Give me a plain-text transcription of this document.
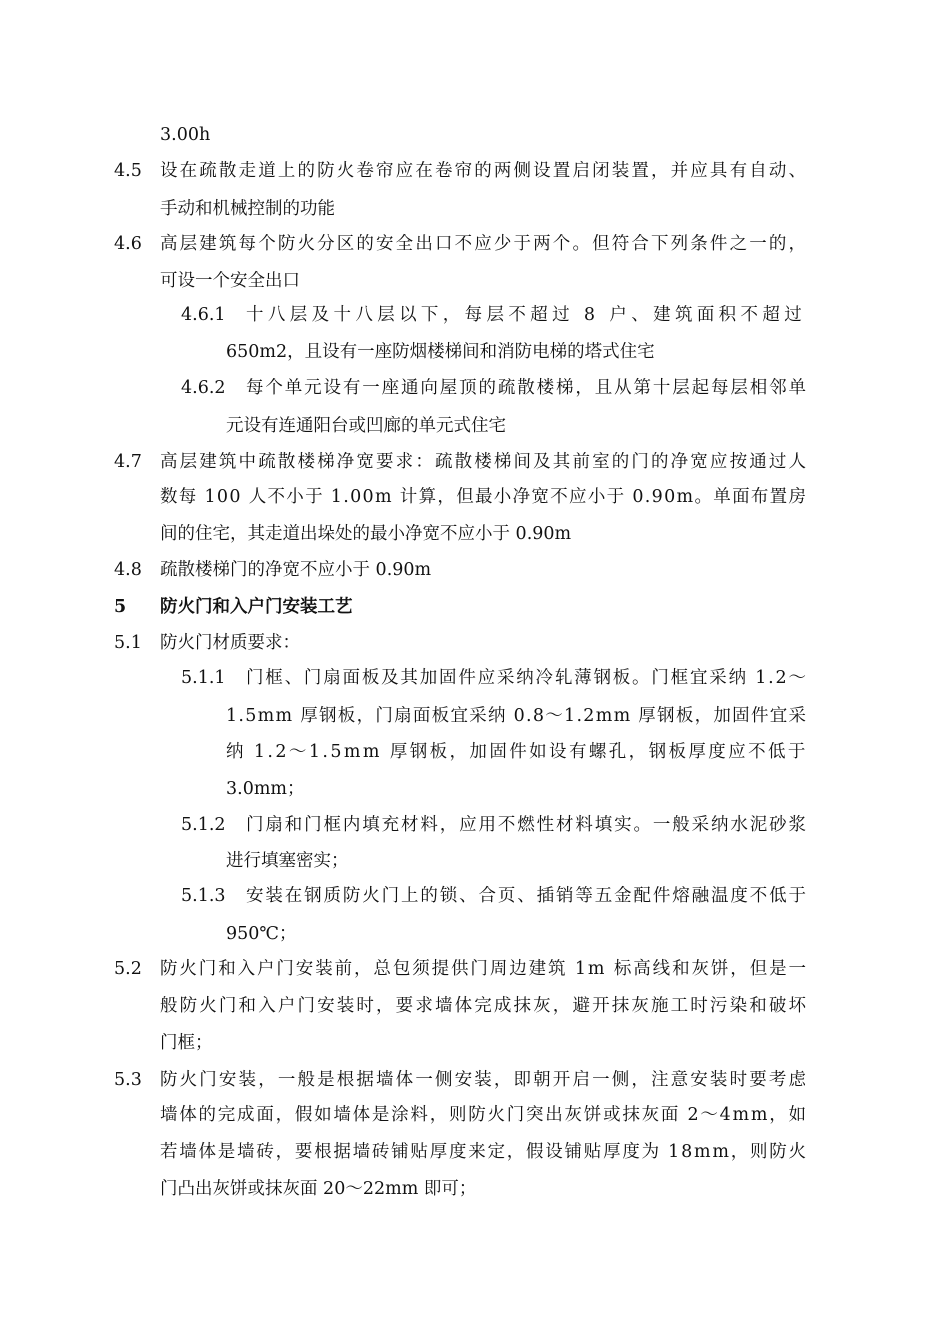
3.00h
4.5 设在疏散走道上的防火卷帘应在卷帘的两侧设置启闭装置，并应具有自动、
手动和机械控制的功能
4.6 高层建筑每个防火分区的安全出口不应少于两个。但符合下列条件之一的，
可设一个安全出口
4.6.1 十八层及十八层以下，每层不超过 8 户、建筑面积不超过
650m2，且设有一座防烟楼梯间和消防电梯的塔式住宅
4.6.2 每个单元设有一座通向屋顶的疏散楼梯，且从第十层起每层相邻单
元设有连通阳台或凹廊的单元式住宅
4.7 高层建筑中疏散楼梯净宽要求：疏散楼梯间及其前室的门的净宽应按通过人
数每 100 人不小于 1.00m 计算，但最小净宽不应小于 0.90m。单面布置房
间的住宅，其走道出垛处的最小净宽不应小于 0.90m
4.8 疏散楼梯门的净宽不应小于 0.90m
5 防火门和入户门安装工艺
5.1 防火门材质要求：
5.1.1 门框、门扇面板及其加固件应采纳冷轧薄钢板。门框宜采纳 1.2～
1.5mm 厚钢板，门扇面板宜采纳 0.8～1.2mm 厚钢板，加固件宜采
纳 1.2～1.5mm 厚钢板，加固件如设有螺孔，钢板厚度应不低于
3.0mm；
5.1.2 门扇和门框内填充材料，应用不燃性材料填实。一般采纳水泥砂浆
进行填塞密实；
5.1.3 安装在钢质防火门上的锁、合页、插销等五金配件熔融温度不低于
950℃；
5.2 防火门和入户门安装前，总包须提供门周边建筑 1m 标高线和灰饼，但是一
般防火门和入户门安装时，要求墙体完成抹灰，避开抹灰施工时污染和破坏
门框；
5.3 防火门安装，一般是根据墙体一侧安装，即朝开启一侧，注意安装时要考虑
墙体的完成面，假如墙体是涂料，则防火门突出灰饼或抹灰面 2～4mm，如
若墙体是墙砖，要根据墙砖铺贴厚度来定，假设铺贴厚度为 18mm，则防火
门凸出灰饼或抹灰面 20～22mm 即可；
